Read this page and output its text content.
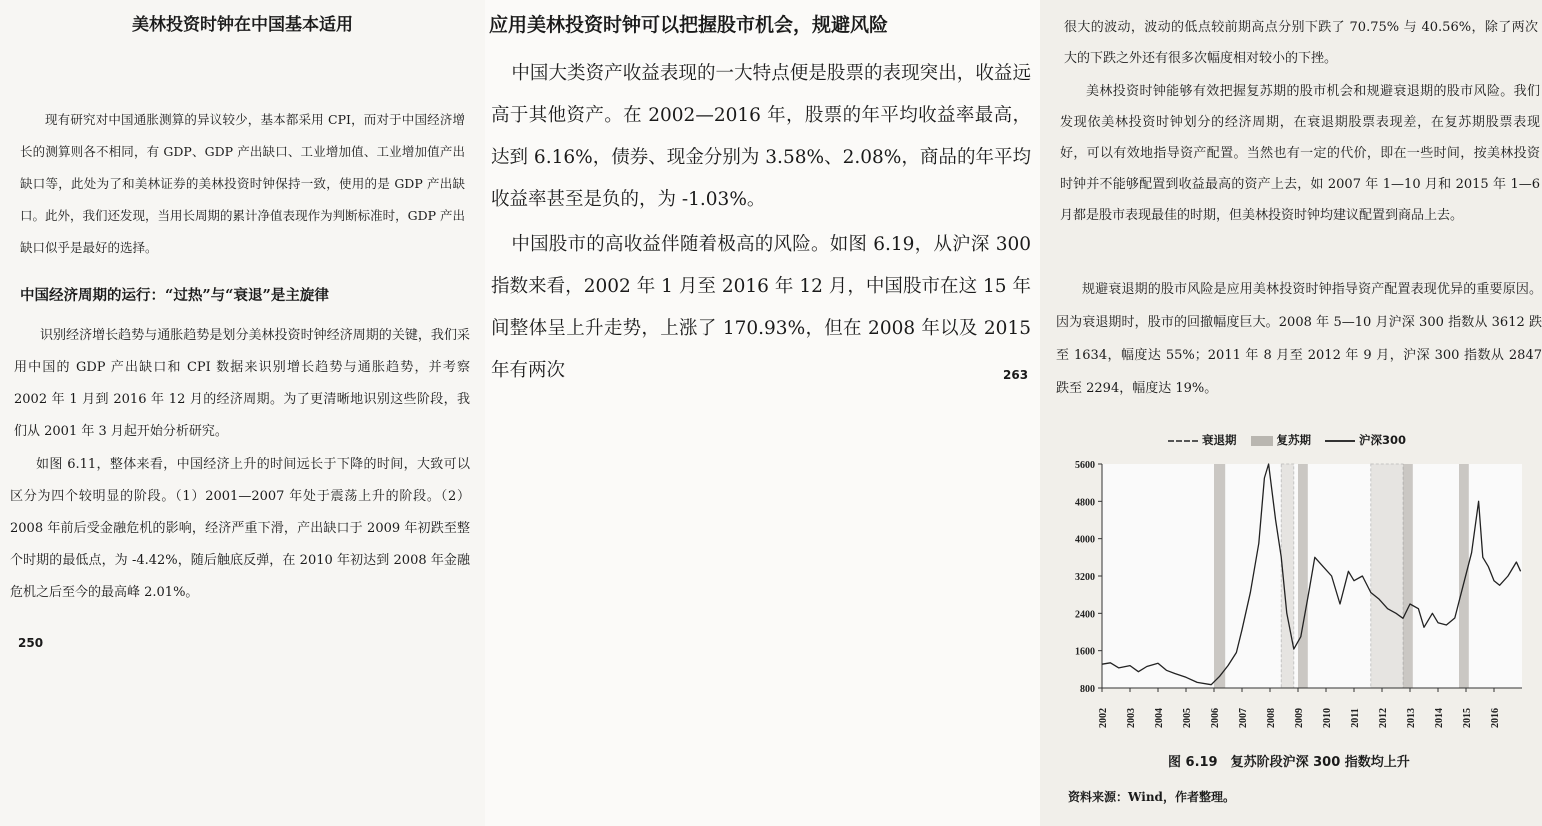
美林投资时钟在中国基本适用

现有研究对中国通胀测算的异议较少，基本都采用 CPI，而对于中国经济增长的测算则各不相同，有 GDP、GDP 产出缺口、工业增加值、工业增加值产出缺口等，此处为了和美林证券的美林投资时钟保持一致，使用的是 GDP 产出缺口。此外，我们还发现，当用长周期的累计净值表现作为判断标准时，GDP 产出缺口似乎是最好的选择。

中国经济周期的运行：“过热”与“衰退”是主旋律

识别经济增长趋势与通胀趋势是划分美林投资时钟经济周期的关键，我们采用中国的 GDP 产出缺口和 CPI 数据来识别增长趋势与通胀趋势，并考察 2002 年 1 月到 2016 年 12 月的经济周期。为了更清晰地识别这些阶段，我们从 2001 年 3 月起开始分析研究。

如图 6.11，整体来看，中国经济上升的时间远长于下降的时间，大致可以区分为四个较明显的阶段。（1）2001—2007 年处于震荡上升的阶段。（2）2008 年前后受金融危机的影响，经济严重下滑，产出缺口于 2009 年初跌至整个时期的最低点，为 -4.42%，随后触底反弹，在 2010 年初达到 2008 年金融危机之后至今的最高峰 2.01%。

250
应用美林投资时钟可以把握股市机会，规避风险

中国大类资产收益表现的一大特点便是股票的表现突出，收益远高于其他资产。在 2002—2016 年，股票的年平均收益率最高，达到 6.16%，债券、现金分别为 3.58%、2.08%，商品的年平均收益率甚至是负的，为 -1.03%。

中国股市的高收益伴随着极高的风险。如图 6.19，从沪深 300 指数来看，2002 年 1 月至 2016 年 12 月，中国股市在这 15 年间整体呈上升走势，上涨了 170.93%，但在 2008 年以及 2015 年有两次	263

很大的波动，波动的低点较前期高点分别下跌了 70.75% 与 40.56%，除了两次大的下跌之外还有很多次幅度相对较小的下挫。

美林投资时钟能够有效把握复苏期的股市机会和规避衰退期的股市风险。我们发现依美林投资时钟划分的经济周期，在衰退期股票表现差，在复苏期股票表现好，可以有效地指导资产配置。当然也有一定的代价，即在一些时间，按美林投资时钟并不能够配置到收益最高的资产上去，如 2007 年 1—10 月和 2015 年 1—6 月都是股市表现最佳的时期，但美林投资时钟均建议配置到商品上去。

规避衰退期的股市风险是应用美林投资时钟指导资产配置表现优异的重要原因。因为衰退期时，股市的回撤幅度巨大。2008 年 5—10 月沪深 300 指数从 3612 跌至 1634，幅度达 55%；2011 年 8 月至 2012 年 9 月，沪深 300 指数从 2847 跌至 2294，幅度达 19%。

衰退期	复苏期	沪深300
800
1600
2400
3200
4000
4800
5600
2002 2003 2004 2005 2006 2007 2008 2009 2010 2011 2012 2013 2014 2015 2016
图 6.19　复苏阶段沪深 300 指数均上升
资料来源：Wind，作者整理。
